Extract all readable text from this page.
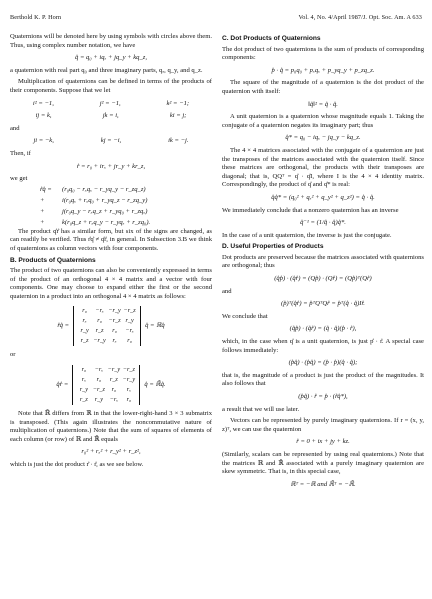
Berthold K. P. Horn	Vol. 4, No. 4/April 1987/J. Opt. Soc. Am. A 633

Quaternions will be denoted here by using symbols with circles above them. Thus, using complex number notation, we have

q̊ = q₀ + iqₓ + jq_y + kq_z,

a quaternion with real part q₀ and three imaginary parts, qₓ, q_y, and q_z.

Multiplication of quaternions can be defined in terms of the products of their components. Suppose that we let

i² = −1,	j² = −1,	k² = −1;
ij = k,	jk = i,	ki = j;
and
ji = −k,	kj = −i,	ik = −j.
Then, if
r̊ = r₀ + irₓ + jr_y + kr_z,
we get
r̊q̊ = (r₀q₀ − rₓqₓ − r_yq_y − r_zq_z)
+	i(r₀qₓ + rₓq₀ + r_yq_z − r_zq_y)
+	j(r₀q_y − rₓq_z + r_yq₀ + r_zqₓ)
+	k(r₀q_z + rₓq_y − r_yqₓ + r_zq₀).

The product q̊r̊ has a similar form, but six of the signs are changed, as can readily be verified. Thus r̊q̊ ≠ q̊r̊, in general. In Subsection 3.B we think of quaternions as column vectors with four components.

B. Products of Quaternions

The product of two quaternions can also be conveniently expressed in terms of the product of an orthogonal 4 × 4 matrix and a vector with four components. One may choose to expand either the first or the second quaternion in a product into an orthogonal 4 × 4 matrix as follows:

r̊q̊ =
r₀	−rₓ −r_y −r_z
rₓ	r₀	−r_z r_y
r_y	r_z	r₀	−rₓ
r_z −r_y	rₓ	r₀
q̊ = ℝq̊
or
q̊r̊ =
r₀	−rₓ −r_y −r_z
rₓ	r₀	r_z −r_y
r_y −r_z	r₀	rₓ
r_z	r_y	−rₓ	r₀
q̊ = ℝ̄q̊.

Note that ℝ̄ differs from ℝ in that the lower-right-hand 3 × 3 submatrix is transposed. (This again illustrates the noncommutative nature of multiplication of quaternions.) Note that the sum of squares of elements of each column (or row) of ℝ and ℝ̄ equals

r₀² + rₓ² + r_y² + r_z²,

which is just the dot product r̊ · r̊, as we see below.

C. Dot Products of Quaternions

The dot product of two quaternions is the sum of products of corresponding components:

p̊ · q̊ = p₀q₀ + pₓqₓ + p_yq_y + p_zq_z.

The square of the magnitude of a quaternion is the dot product of the quaternion with itself:

‖q̊‖² = q̊ · q̊.

A unit quaternion is a quaternion whose magnitude equals 1. Taking the conjugate of a quaternion negates its imaginary part; thus

q̊* = q₀ − iqₓ − jq_y − kq_z.

The 4 × 4 matrices associated with the conjugate of a quaternion are just the transposes of the matrices associated with the quaternion itself. Since these matrices are orthogonal, the products with their transposes are diagonal; that is, QQᵀ = q̊ · q̊I, where I is the 4 × 4 identity matrix. Correspondingly, the product of q̊ and q̊* is real:

q̊q̊* = (q₀² + qₓ² + q_y² + q_z²) = q̊ · q̊.

We immediately conclude that a nonzero quaternion has an inverse

q̊⁻¹ = (1/q̊ · q̊)q̊*.

In the case of a unit quaternion, the inverse is just the conjugate.

D. Useful Properties of Products

Dot products are preserved because the matrices associated with quaternions are orthogonal; thus

(q̊p̊) · (q̊r̊) = (Qp̊) · (Qr̊) = (Qp̊)ᵀ(Qr̊)
and
(p̊)ᵀ(q̊r̊) = p̊ᵀQᵀQr̊ = p̊ᵀ(q̊ · q̊)Ir̊.

We conclude that

(q̊p̊) · (q̊r̊) = (q̊ · q̊)(p̊ · r̊),

which, in the case when q̊ is a unit quaternion, is just p̊ · r̊. A special case follows immediately:

(p̊q̊) · (p̊q̊) = (p̊ · p̊)(q̊ · q̊);

that is, the magnitude of a product is just the product of the magnitudes. It also follows that

(p̊q̊) · r̊ = p̊ · (r̊q̊*),

a result that we will use later.

Vectors can be represented by purely imaginary quaternions. If r = (x, y, z)ᵀ, we can use the quaternion

r̊ = 0 + ix + jy + kz.

(Similarly, scalars can be represented by using real quaternions.) Note that the matrices ℝ and ℝ̄ associated with a purely imaginary quaternion are skew symmetric. That is, in this special case,

ℝᵀ = −ℝ and ℝ̄ᵀ = −ℝ̄.
